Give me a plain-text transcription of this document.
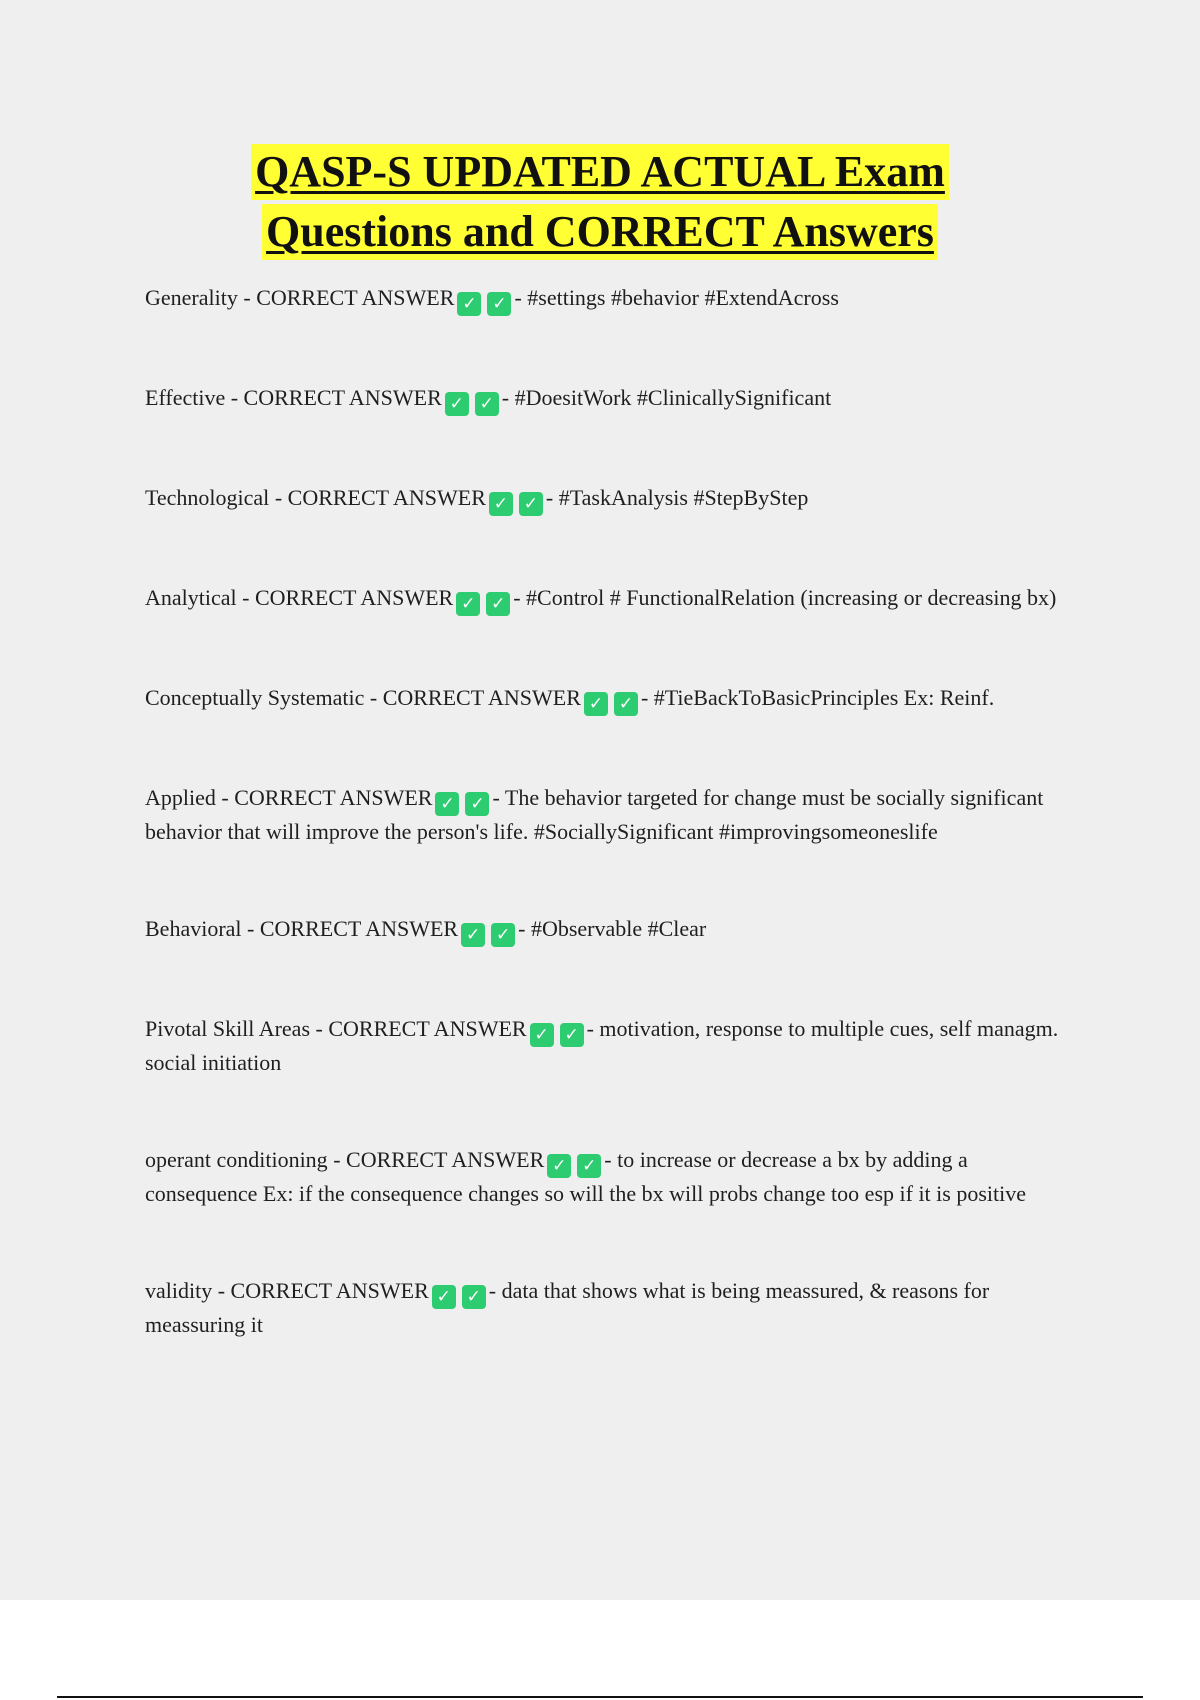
QASP-S UPDATED ACTUAL Exam
Questions and CORRECT Answers

Generality - CORRECT ANSWER ✓ ✓ - #settings #behavior #ExtendAcross

Effective - CORRECT ANSWER ✓ ✓ - #DoesitWork #ClinicallySignificant

Technological - CORRECT ANSWER ✓ ✓ - #TaskAnalysis #StepByStep

Analytical - CORRECT ANSWER ✓ ✓ - #Control # FunctionalRelation (increasing or decreasing bx)

Conceptually Systematic - CORRECT ANSWER ✓ ✓ - #TieBackToBasicPrinciples Ex: Reinf.

Applied - CORRECT ANSWER ✓ ✓ - The behavior targeted for change must be socially significant behavior that will improve the person's life. #SociallySignificant #improvingsomeoneslife

Behavioral - CORRECT ANSWER ✓ ✓ - #Observable #Clear

Pivotal Skill Areas - CORRECT ANSWER ✓ ✓ - motivation, response to multiple cues, self managm. social initiation

operant conditioning - CORRECT ANSWER ✓ ✓ - to increase or decrease a bx by adding a consequence Ex: if the consequence changes so will the bx will probs change too esp if it is positive

validity - CORRECT ANSWER ✓ ✓ - data that shows what is being meassured, & reasons for meassuring it
